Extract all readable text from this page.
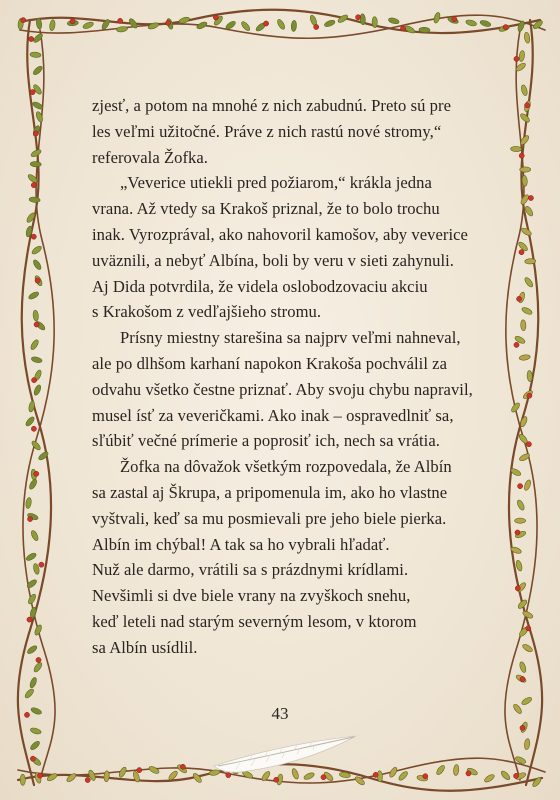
zjesť, a potom na mnohé z nich zabudnú. Preto sú pre
les veľmi užitočné. Práve z nich rastú nové stromy,“
referovala Žofka.
„Veverice utiekli pred požiarom,“ krákla jedna
vrana. Až vtedy sa Krakoš priznal, že to bolo trochu
inak. Vyrozprával, ako nahovoril kamošov, aby veverice
uväznili, a nebyť Albína, boli by veru v sieti zahynuli.
Aj Dida potvrdila, že videla oslobodzovaciu akciu
s Krakošom z vedľajšieho stromu.
Prísny miestny starešina sa najprv veľmi nahneval,
ale po dlhšom karhaní napokon Krakoša pochválil za
odvahu všetko čestne priznať. Aby svoju chybu napravil,
musel ísť za veveričkami. Ako inak – ospravedlniť sa,
sľúbiť večné prímerie a poprosiť ich, nech sa vrátia.
Žofka na dôvažok všetkým rozpovedala, že Albín
sa zastal aj Škrupa, a pripomenula im, ako ho vlastne
vyštvali, keď sa mu posmievali pre jeho biele pierka.
Albín im chýbal! A tak sa ho vybrali hľadať.
Nuž ale darmo, vrátili sa s prázdnymi krídlami.
Nevšimli si dve biele vrany na zvyškoch snehu,
keď leteli nad starým severným lesom, v ktorom
sa Albín usídlil.
43
